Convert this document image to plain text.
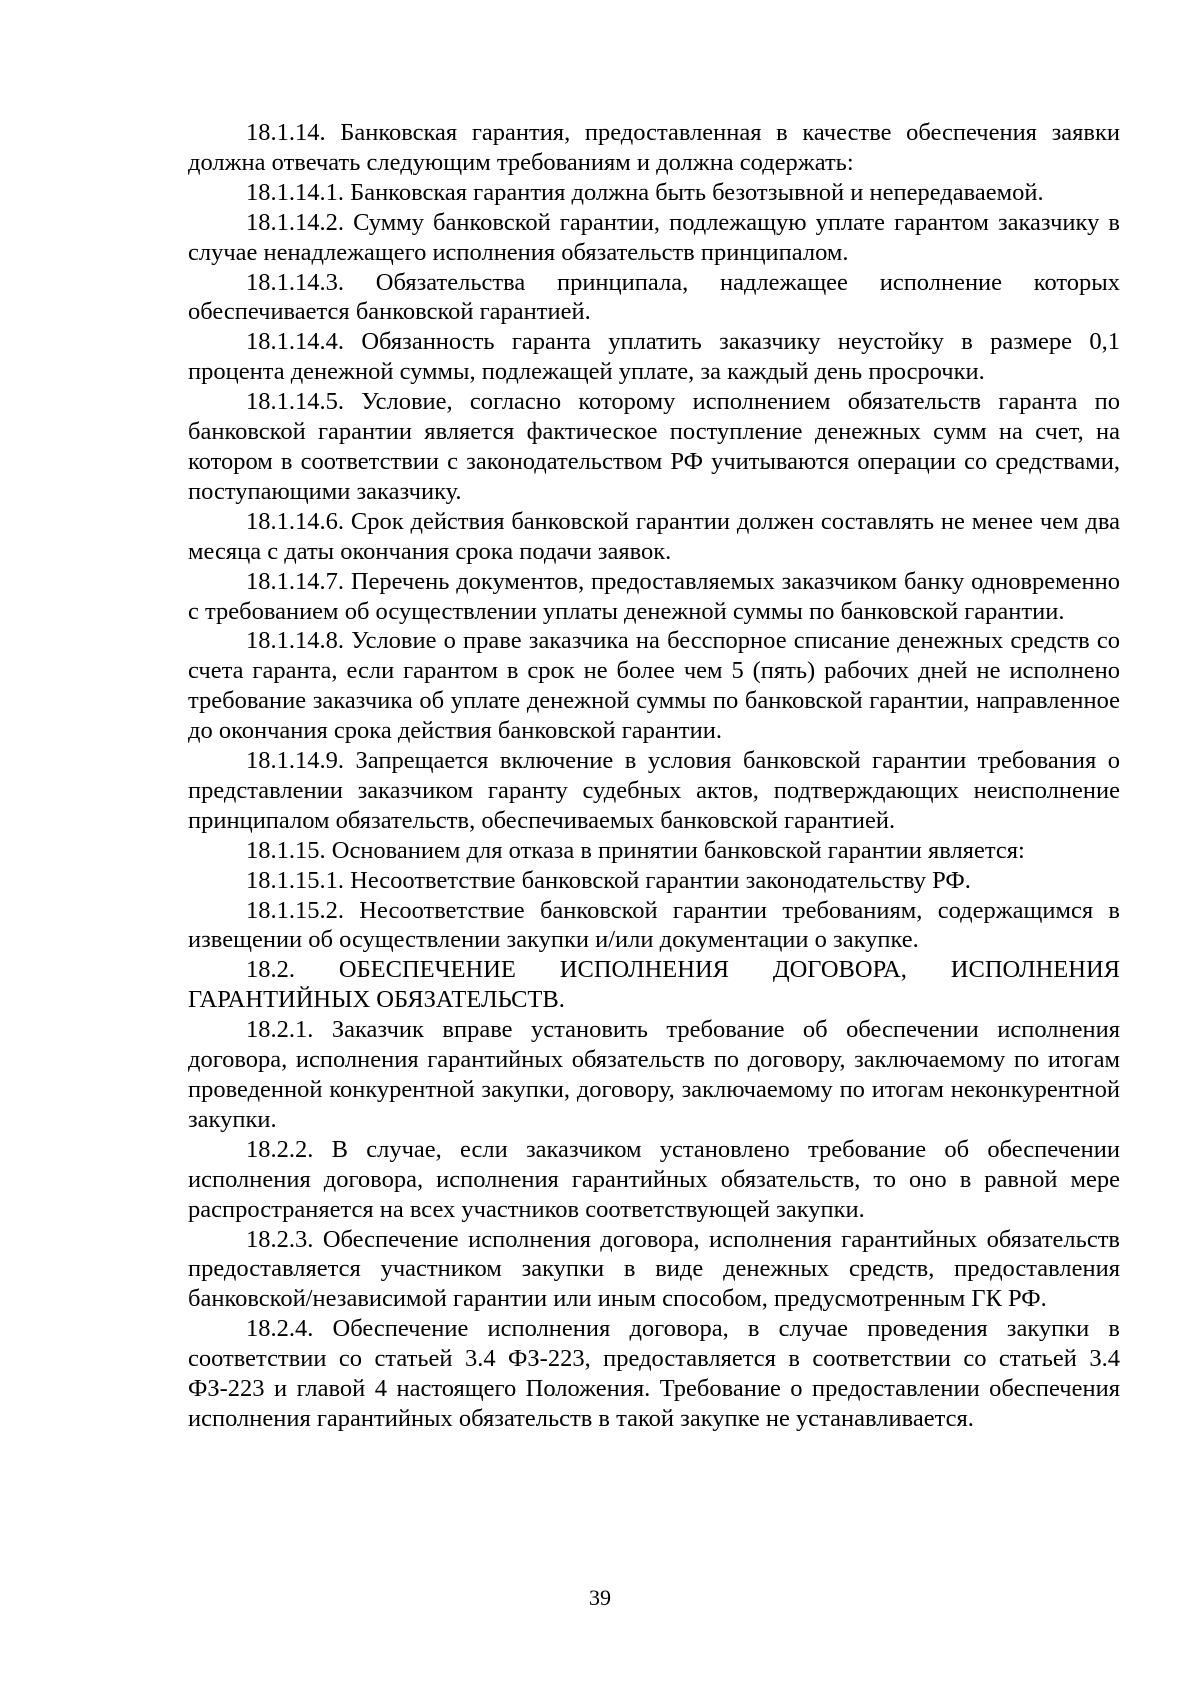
18.1.14. Банковская гарантия, предоставленная в качестве обеспечения заявки должна отвечать следующим требованиям и должна содержать:

18.1.14.1. Банковская гарантия должна быть безотзывной и непередаваемой.

18.1.14.2. Сумму банковской гарантии, подлежащую уплате гарантом заказчику в случае ненадлежащего исполнения обязательств принципалом.

18.1.14.3. Обязательства принципала, надлежащее исполнение которых обеспечивается банковской гарантией.

18.1.14.4. Обязанность гаранта уплатить заказчику неустойку в размере 0,1 процента денежной суммы, подлежащей уплате, за каждый день просрочки.

18.1.14.5. Условие, согласно которому исполнением обязательств гаранта по банковской гарантии является фактическое поступление денежных сумм на счет, на котором в соответствии с законодательством РФ учитываются операции со средствами, поступающими заказчику.

18.1.14.6. Срок действия банковской гарантии должен составлять не менее чем два месяца с даты окончания срока подачи заявок.

18.1.14.7. Перечень документов, предоставляемых заказчиком банку одновременно с требованием об осуществлении уплаты денежной суммы по банковской гарантии.

18.1.14.8. Условие о праве заказчика на бесспорное списание денежных средств со счета гаранта, если гарантом в срок не более чем 5 (пять) рабочих дней не исполнено требование заказчика об уплате денежной суммы по банковской гарантии, направленное до окончания срока действия банковской гарантии.

18.1.14.9. Запрещается включение в условия банковской гарантии требования о представлении заказчиком гаранту судебных актов, подтверждающих неисполнение принципалом обязательств, обеспечиваемых банковской гарантией.

18.1.15. Основанием для отказа в принятии банковской гарантии является:

18.1.15.1. Несоответствие банковской гарантии законодательству РФ.

18.1.15.2. Несоответствие банковской гарантии требованиям, содержащимся в извещении об осуществлении закупки и/или документации о закупке.

18.2. ОБЕСПЕЧЕНИЕ ИСПОЛНЕНИЯ ДОГОВОРА, ИСПОЛНЕНИЯ ГАРАНТИЙНЫХ ОБЯЗАТЕЛЬСТВ.

18.2.1. Заказчик вправе установить требование об обеспечении исполнения договора, исполнения гарантийных обязательств по договору, заключаемому по итогам проведенной конкурентной закупки, договору, заключаемому по итогам неконкурентной закупки.

18.2.2. В случае, если заказчиком установлено требование об обеспечении исполнения договора, исполнения гарантийных обязательств, то оно в равной мере распространяется на всех участников соответствующей закупки.

18.2.3. Обеспечение исполнения договора, исполнения гарантийных обязательств предоставляется участником закупки в виде денежных средств, предоставления банковской/независимой гарантии или иным способом, предусмотренным ГК РФ.

18.2.4. Обеспечение исполнения договора, в случае проведения закупки в соответствии со статьей 3.4 ФЗ-223, предоставляется в соответствии со статьей 3.4 ФЗ-223 и главой 4 настоящего Положения. Требование о предоставлении обеспечения исполнения гарантийных обязательств в такой закупке не устанавливается.

39
